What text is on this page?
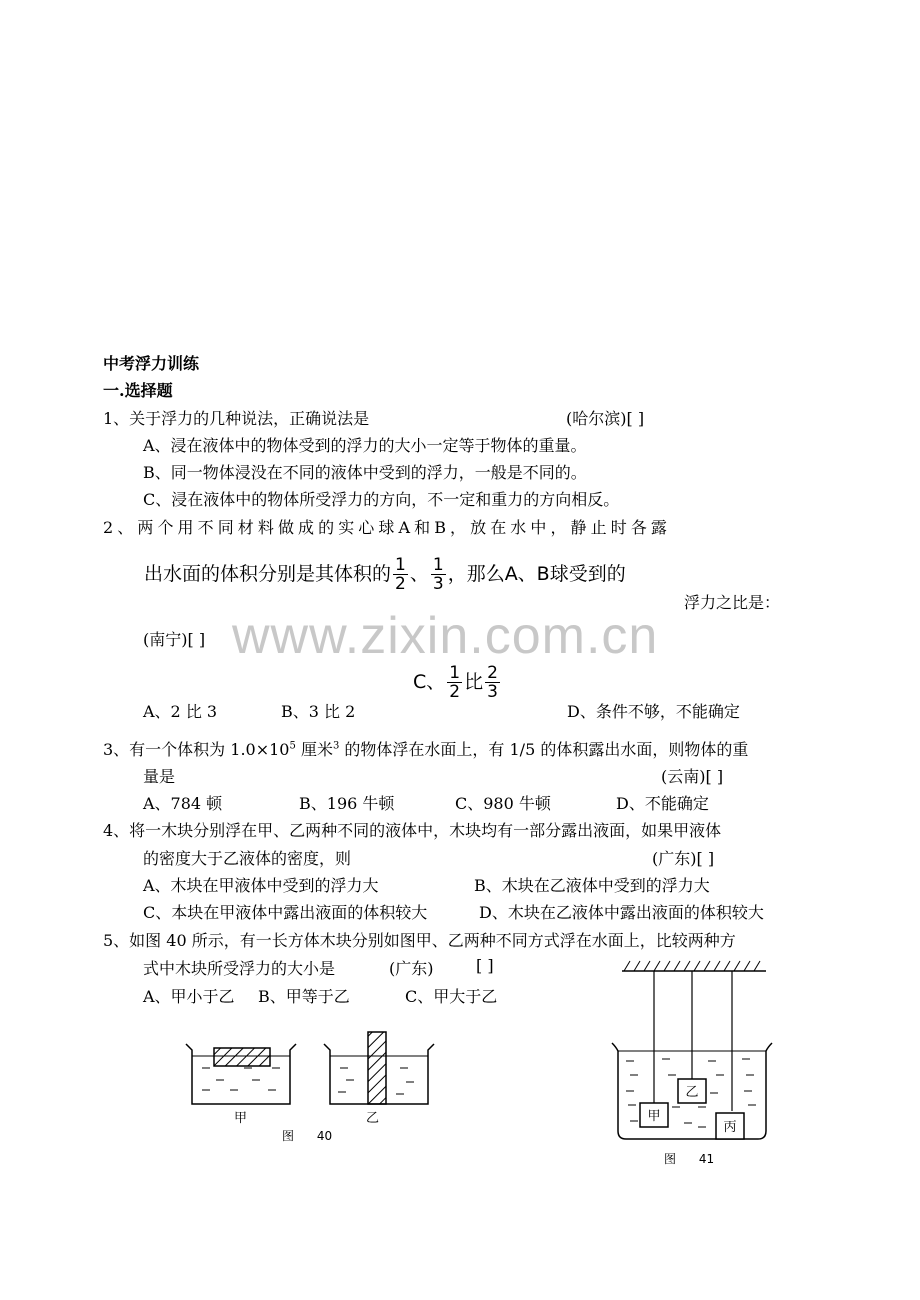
www.zixin.com.cn
中考浮力训练
一.选择题
1、关于浮力的几种说法，正确说法是	(哈尔滨)[ ]
A、浸在液体中的物体受到的浮力的大小一定等于物体的重量。
B、同一物体浸没在不同的液体中受到的浮力，一般是不同的。
C、浸在液体中的物体所受浮力的方向，不一定和重力的方向相反。
2 、 两 个 用 不 同 材 料 做 成 的 实 心 球 A 和 B ， 放 在 水 中 ， 静 止 时 各 露
出水面的体积分别是其体积的 $\frac{1}{2}$ 、 $\frac{1}{3}$ ，那么A、B球受到的
浮力之比是：
(南宁)[ ]
C、 $\frac{1}{2}$ 比 $\frac{2}{3}$
A、2 比 3	B、3 比 2	D、条件不够，不能确定
3、有一个体积为 $1.0\times 10^5$ 厘米$^3$ 的物体浮在水面上，有 1/5 的体积露出水面，则物体的重
量是	(云南)[ ]
A、784 顿	B、196 牛顿	C、980 牛顿	D、不能确定
4、将一木块分别浮在甲、乙两种不同的液体中，木块均有一部分露出液面，如果甲液体
的密度大于乙液体的密度，则	(广东)[ ]
A、木块在甲液体中受到的浮力大	B、木块在乙液体中受到的浮力大
C、本块在甲液体中露出液面的体积较大	D、木块在乙液体中露出液面的体积较大
5、如图 40 所示，有一长方体木块分别如图甲、乙两种不同方式浮在水面上，比较两种方
式中木块所受浮力的大小是	(广东)	[ ]
A、甲小于乙 B、甲等于乙	C、甲大于乙
甲	乙
图      40
甲
乙
丙
图      41
